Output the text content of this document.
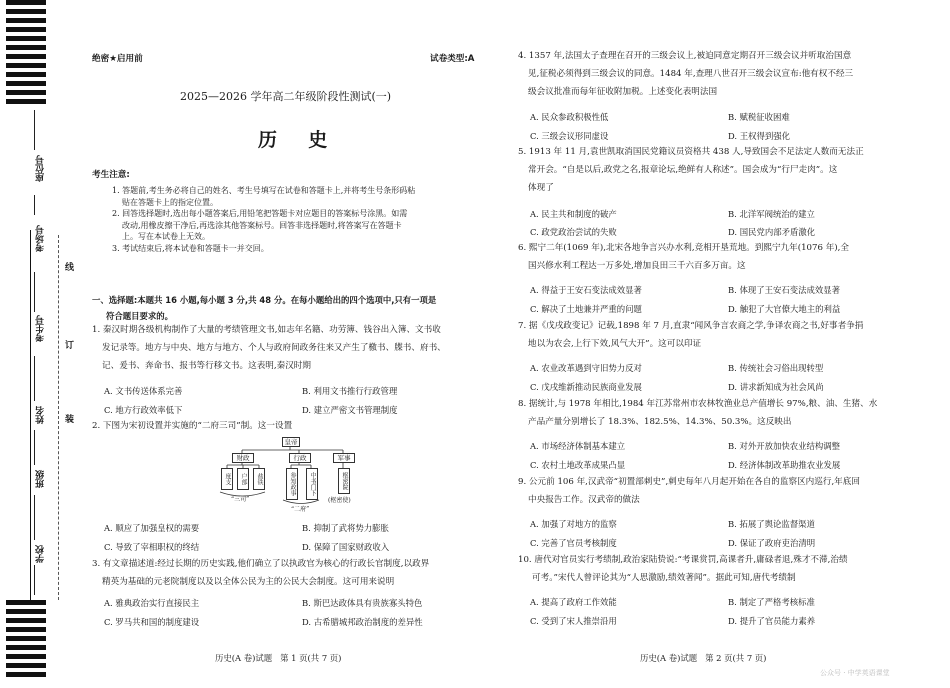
座位号
考场号
考生号
姓名
班级
学校
线
订
装
绝密★启用前	试卷类型:A
2025—2026 学年高二年级阶段性测试(一)
历  史
考生注意:
1. 答题前,考生务必将自己的姓名、考生号填写在试卷和答题卡上,并将考生号条形码粘
贴在答题卡上的指定位置。
2. 回答选择题时,选出每小题答案后,用铅笔把答题卡对应题目的答案标号涂黑。如需
改动,用橡皮擦干净后,再选涂其他答案标号。回答非选择题时,将答案写在答题卡
上。写在本试卷上无效。
3. 考试结束后,将本试卷和答题卡一并交回。
一、选择题:本题共 16 小题,每小题 3 分,共 48 分。在每小题给出的四个选项中,只有一项是
符合题目要求的。
1. 秦汉时期各级机构制作了大量的考绩管理文书,如志年名籍、功劳簿、钱谷出入簿、文书收
发记录等。地方与中央、地方与地方、个人与政府间政务往来又产生了檄书、牒书、府书、
记、爰书、奔命书、报书等行移文书。这表明,秦汉时期
A. 文书传送体系完善	B. 利用文书推行行政管理
C. 地方行政效率低下	D. 建立严密文书管理制度
2. 下图为宋初设置并实施的“二府三司”制。这一设置
皇帝
财政	行政	军事
度支	户部	盐铁	参知政事	中书门下	枢密院
“三司”
“二府”
(枢密使)
A. 顺应了加强皇权的需要	B. 抑制了武将势力膨胀
C. 导致了宰相职权的终结	D. 保障了国家财政收入
3. 有文章描述道:经过长期的历史实践,他们确立了以执政官为核心的行政长官制度,以政界
精英为基础的元老院制度以及以全体公民为主的公民大会制度。这可用来说明
A. 雅典政治实行直接民主	B. 斯巴达政体具有贵族寡头特色
C. 罗马共和国的制度建设	D. 古希腊城邦政治制度的差异性
历史(A 卷)试题   第 1 页(共 7 页)
4. 1357 年,法国太子查理在召开的三级会议上,被迫同意定期召开三级会议并听取治国意
见,征税必须得到三级会议的同意。1484 年,查理八世召开三级会议宣布:他有权不经三
级会议批准而每年征收附加税。上述变化表明法国
A. 民众参政积极性低	B. 赋税征收困难
C. 三级会议形同虚设	D. 王权得到强化
5. 1913 年 11 月,袁世凯取消国民党籍议员资格共 438 人,导致国会不足法定人数而无法正
常开会。“自是以后,政党之名,报章论坛,绝鲜有人称述”。国会成为“行尸走肉”。这
体现了
A. 民主共和制度的破产	B. 北洋军阀统治的建立
C. 政党政治尝试的失败	D. 国民党内部矛盾激化
6. 熙宁二年(1069 年),北宋各地争言兴办水利,竞相开垦荒地。到熙宁九年(1076 年),全
国兴修水利工程达一万多处,增加良田三千六百多万亩。这
A. 得益于王安石变法成效显著	B. 体现了王安石变法成效显著
C. 解决了土地兼并严重的问题	D. 触犯了大官僚大地主的利益
7. 据《戊戌政变记》记载,1898 年 7 月,直隶“闻风争言农商之学,争译农商之书,好事者争捐
地以为农会,上行下效,风气大开”。这可以印证
A. 农业改革遇到守旧势力反对	B. 传统社会习俗出现转型
C. 戊戌维新推动民族商业发展	D. 讲求新知成为社会风尚
8. 据统计,与 1978 年相比,1984 年江苏常州市农林牧渔业总产值增长 97%,粮、油、生猪、水
产品产量分别增长了 18.3%、182.5%、14.3%、50.3%。这反映出
A. 市场经济体制基本建立	B. 对外开放加快农业结构调整
C. 农村土地改革成果凸显	D. 经济体制改革助推农业发展
9. 公元前 106 年,汉武帝“初置部刺史”,刺史每年八月起开始在各自的监察区内巡行,年底回
中央报告工作。汉武帝的做法
A. 加强了对地方的监察	B. 拓展了舆论监督渠道
C. 完善了官员考核制度	D. 保证了政府吏治清明
10. 唐代对官员实行考绩制,政治家陆贽说:“考课赏罚,高课者升,庸碌者退,殊才不滞,治绩
可考。”宋代人曾评论其为“人思激励,绩效著闻”。据此可知,唐代考绩制
A. 提高了政府工作效能	B. 制定了严格考核标准
C. 受到了宋人推崇沿用	D. 提升了官员能力素养
历史(A 卷)试题   第 2 页(共 7 页)
公众号 · 中学英语课堂
